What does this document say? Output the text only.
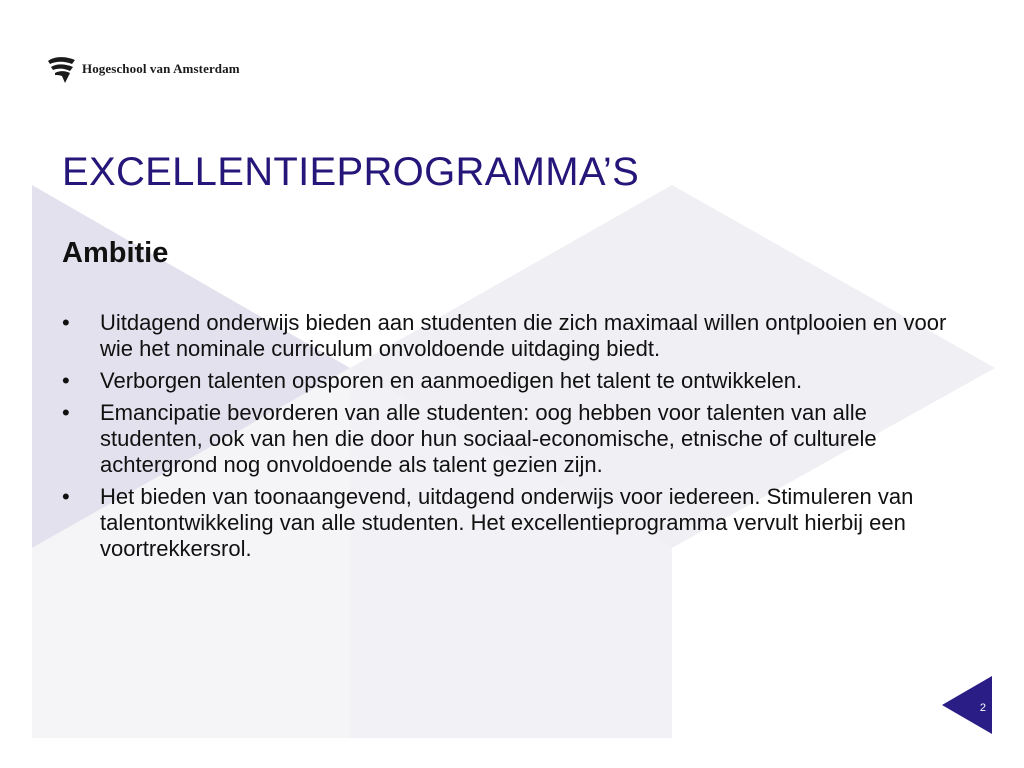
Hogeschool van Amsterdam
EXCELLENTIEPROGRAMMA’S
Ambitie
•	Uitdagend onderwijs bieden aan studenten die zich maximaal willen ontplooien en voor wie het nominale curriculum onvoldoende uitdaging biedt.
•	Verborgen talenten opsporen en aanmoedigen het talent te ontwikkelen.
•	Emancipatie bevorderen van alle studenten: oog hebben voor talenten van alle studenten, ook van hen die door hun sociaal-economische, etnische of culturele achtergrond nog onvoldoende als talent gezien zijn.
•	Het bieden van toonaangevend, uitdagend onderwijs voor iedereen. Stimuleren van talentontwikkeling van alle studenten. Het excellentieprogramma vervult hierbij een voortrekkersrol.
2
